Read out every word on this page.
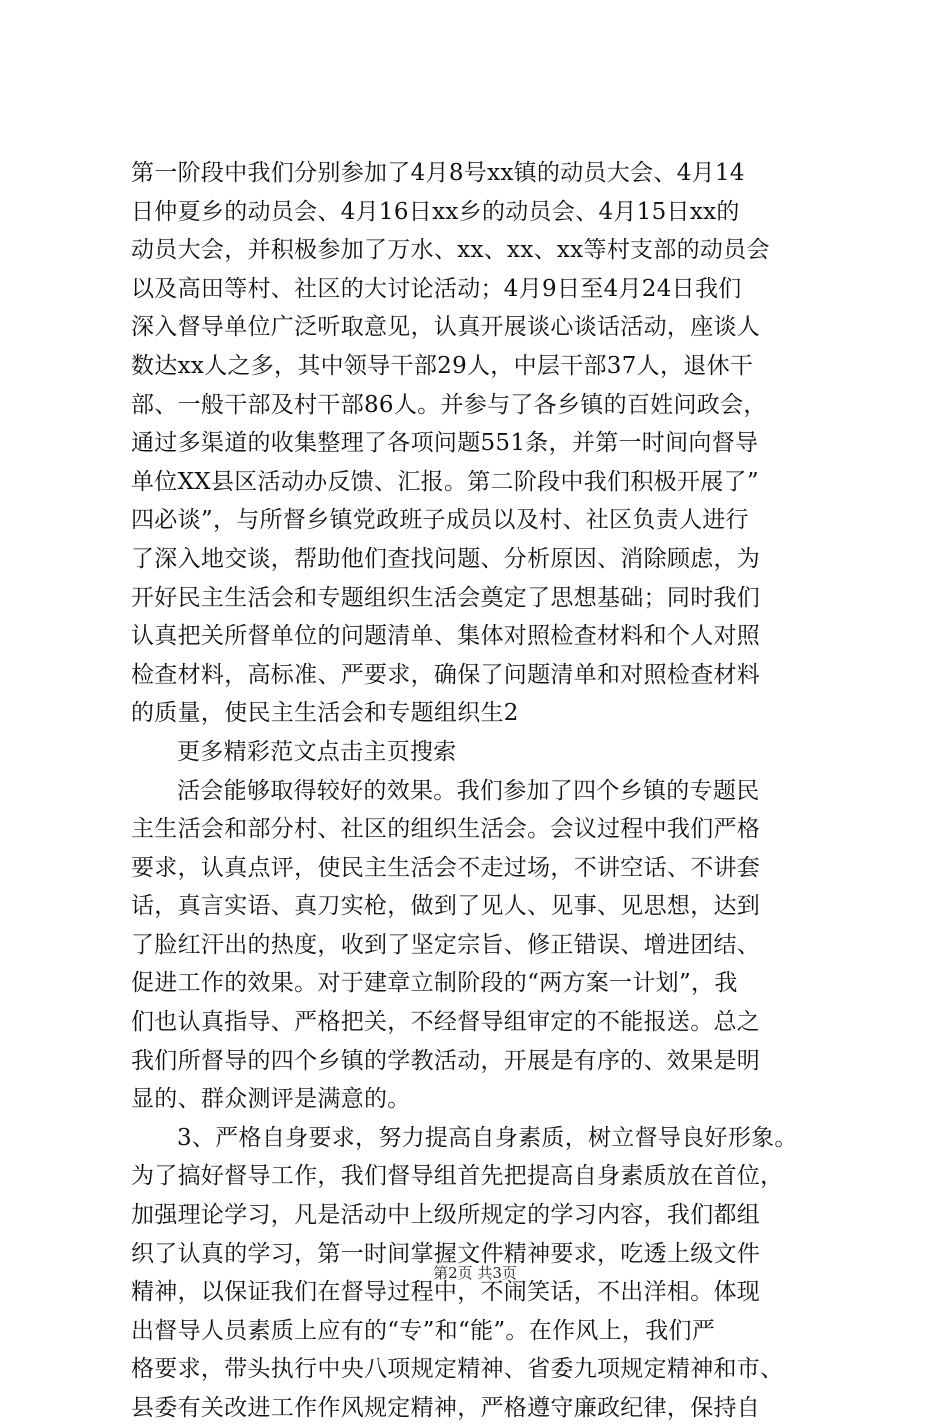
第一阶段中我们分别参加了4月8号xx镇的动员大会、4月14
日仲夏乡的动员会、4月16日xx乡的动员会、4月15日xx的
动员大会，并积极参加了万水、xx、xx、xx等村支部的动员会
以及高田等村、社区的大讨论活动；4月9日至4月24日我们
深入督导单位广泛听取意见，认真开展谈心谈话活动，座谈人
数达xx人之多，其中领导干部29人，中层干部37人，退休干
部、一般干部及村干部86人。并参与了各乡镇的百姓问政会，
通过多渠道的收集整理了各项问题551条，并第一时间向督导
单位XX县区活动办反馈、汇报。第二阶段中我们积极开展了”
四必谈”，与所督乡镇党政班子成员以及村、社区负责人进行
了深入地交谈，帮助他们查找问题、分析原因、消除顾虑，为
开好民主生活会和专题组织生活会奠定了思想基础；同时我们
认真把关所督单位的问题清单、集体对照检查材料和个人对照
检查材料，高标准、严要求，确保了问题清单和对照检查材料
的质量，使民主生活会和专题组织生2
更多精彩范文点击主页搜索
活会能够取得较好的效果。我们参加了四个乡镇的专题民
主生活会和部分村、社区的组织生活会。会议过程中我们严格
要求，认真点评，使民主生活会不走过场，不讲空话、不讲套
话，真言实语、真刀实枪，做到了见人、见事、见思想，达到
了脸红汗出的热度，收到了坚定宗旨、修正错误、增进团结、
促进工作的效果。对于建章立制阶段的“两方案一计划”，我
们也认真指导、严格把关，不经督导组审定的不能报送。总之
我们所督导的四个乡镇的学教活动，开展是有序的、效果是明
显的、群众测评是满意的。
3、严格自身要求，努力提高自身素质，树立督导良好形象。
为了搞好督导工作，我们督导组首先把提高自身素质放在首位，
加强理论学习，凡是活动中上级所规定的学习内容，我们都组
织了认真的学习，第一时间掌握文件精神要求，吃透上级文件
精神，以保证我们在督导过程中，不闹笑话，不出洋相。体现
出督导人员素质上应有的“专”和“能”。在作风上，我们严
格要求，带头执行中央八项规定精神、省委九项规定精神和市、
县委有关改进工作作风规定精神，严格遵守廉政纪律，保持自
第2页 共3页
